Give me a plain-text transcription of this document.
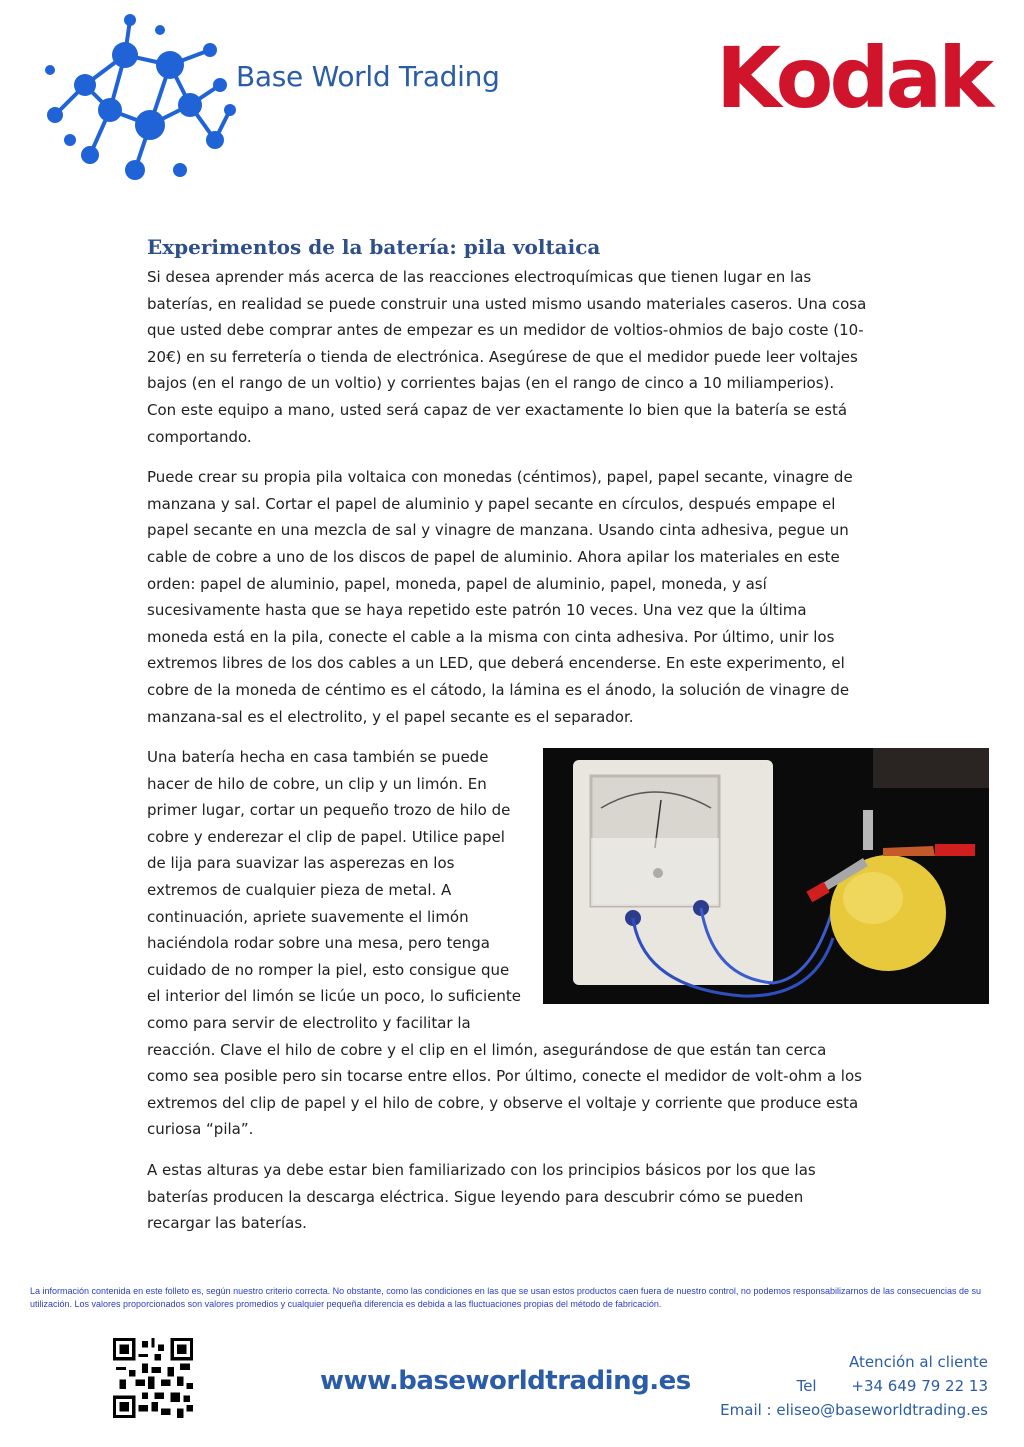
Base World Trading	Kodak
Experimentos de la batería: pila voltaica

Si desea aprender más acerca de las reacciones electroquímicas que tienen lugar en las baterías, en realidad se puede construir una usted mismo usando materiales caseros. Una cosa que usted debe comprar antes de empezar es un medidor de voltios-ohmios de bajo coste (10-20€) en su ferretería o tienda de electrónica. Asegúrese de que el medidor puede leer voltajes bajos (en el rango de un voltio) y corrientes bajas (en el rango de cinco a 10 miliamperios). Con este equipo a mano, usted será capaz de ver exactamente lo bien que la batería se está comportando.

Puede crear su propia pila voltaica con monedas (céntimos), papel, papel secante, vinagre de manzana y sal. Cortar el papel de aluminio y papel secante en círculos, después empape el papel secante en una mezcla de sal y vinagre de manzana. Usando cinta adhesiva, pegue un cable de cobre a uno de los discos de papel de aluminio. Ahora apilar los materiales en este orden: papel de aluminio, papel, moneda, papel de aluminio, papel, moneda, y así sucesivamente hasta que se haya repetido este patrón 10 veces. Una vez que la última moneda está en la pila, conecte el cable a la misma con cinta adhesiva. Por último, unir los extremos libres de los dos cables a un LED, que deberá encenderse. En este experimento, el cobre de la moneda de céntimo es el cátodo, la lámina es el ánodo, la solución de vinagre de manzana-sal es el electrolito, y el papel secante es el separador.

Una batería hecha en casa también se puede hacer de hilo de cobre, un clip y un limón. En primer lugar, cortar un pequeño trozo de hilo de cobre y enderezar el clip de papel. Utilice papel de lija para suavizar las asperezas en los extremos de cualquier pieza de metal. A continuación, apriete suavemente el limón haciéndola rodar sobre una mesa, pero tenga cuidado de no romper la piel, esto consigue que el interior del limón se licúe un poco, lo suficiente como para servir de electrolito y facilitar la reacción. Clave el hilo de cobre y el clip en el limón, asegurándose de que están tan cerca como sea posible pero sin tocarse entre ellos. Por último, conecte el medidor de volt-ohm a los extremos del clip de papel y el hilo de cobre, y observe el voltaje y corriente que produce esta curiosa “pila”.

A estas alturas ya debe estar bien familiarizado con los principios básicos por los que las baterías producen la descarga eléctrica. Sigue leyendo para descubrir cómo se pueden recargar las baterías.

La información contenida en este folleto es, según nuestro criterio correcta. No obstante, como las condiciones en las que se usan estos productos caen fuera de nuestro control, no podemos responsabilizarnos de las consecuencias de su utilización. Los valores proporcionados son valores promedios y cualquier pequeña diferencia es debida a las fluctuaciones propias del método de fabricación.
www.baseworldtrading.es
Atención al cliente
Tel +34 649 79 22 13
Email : eliseo@baseworldtrading.es
